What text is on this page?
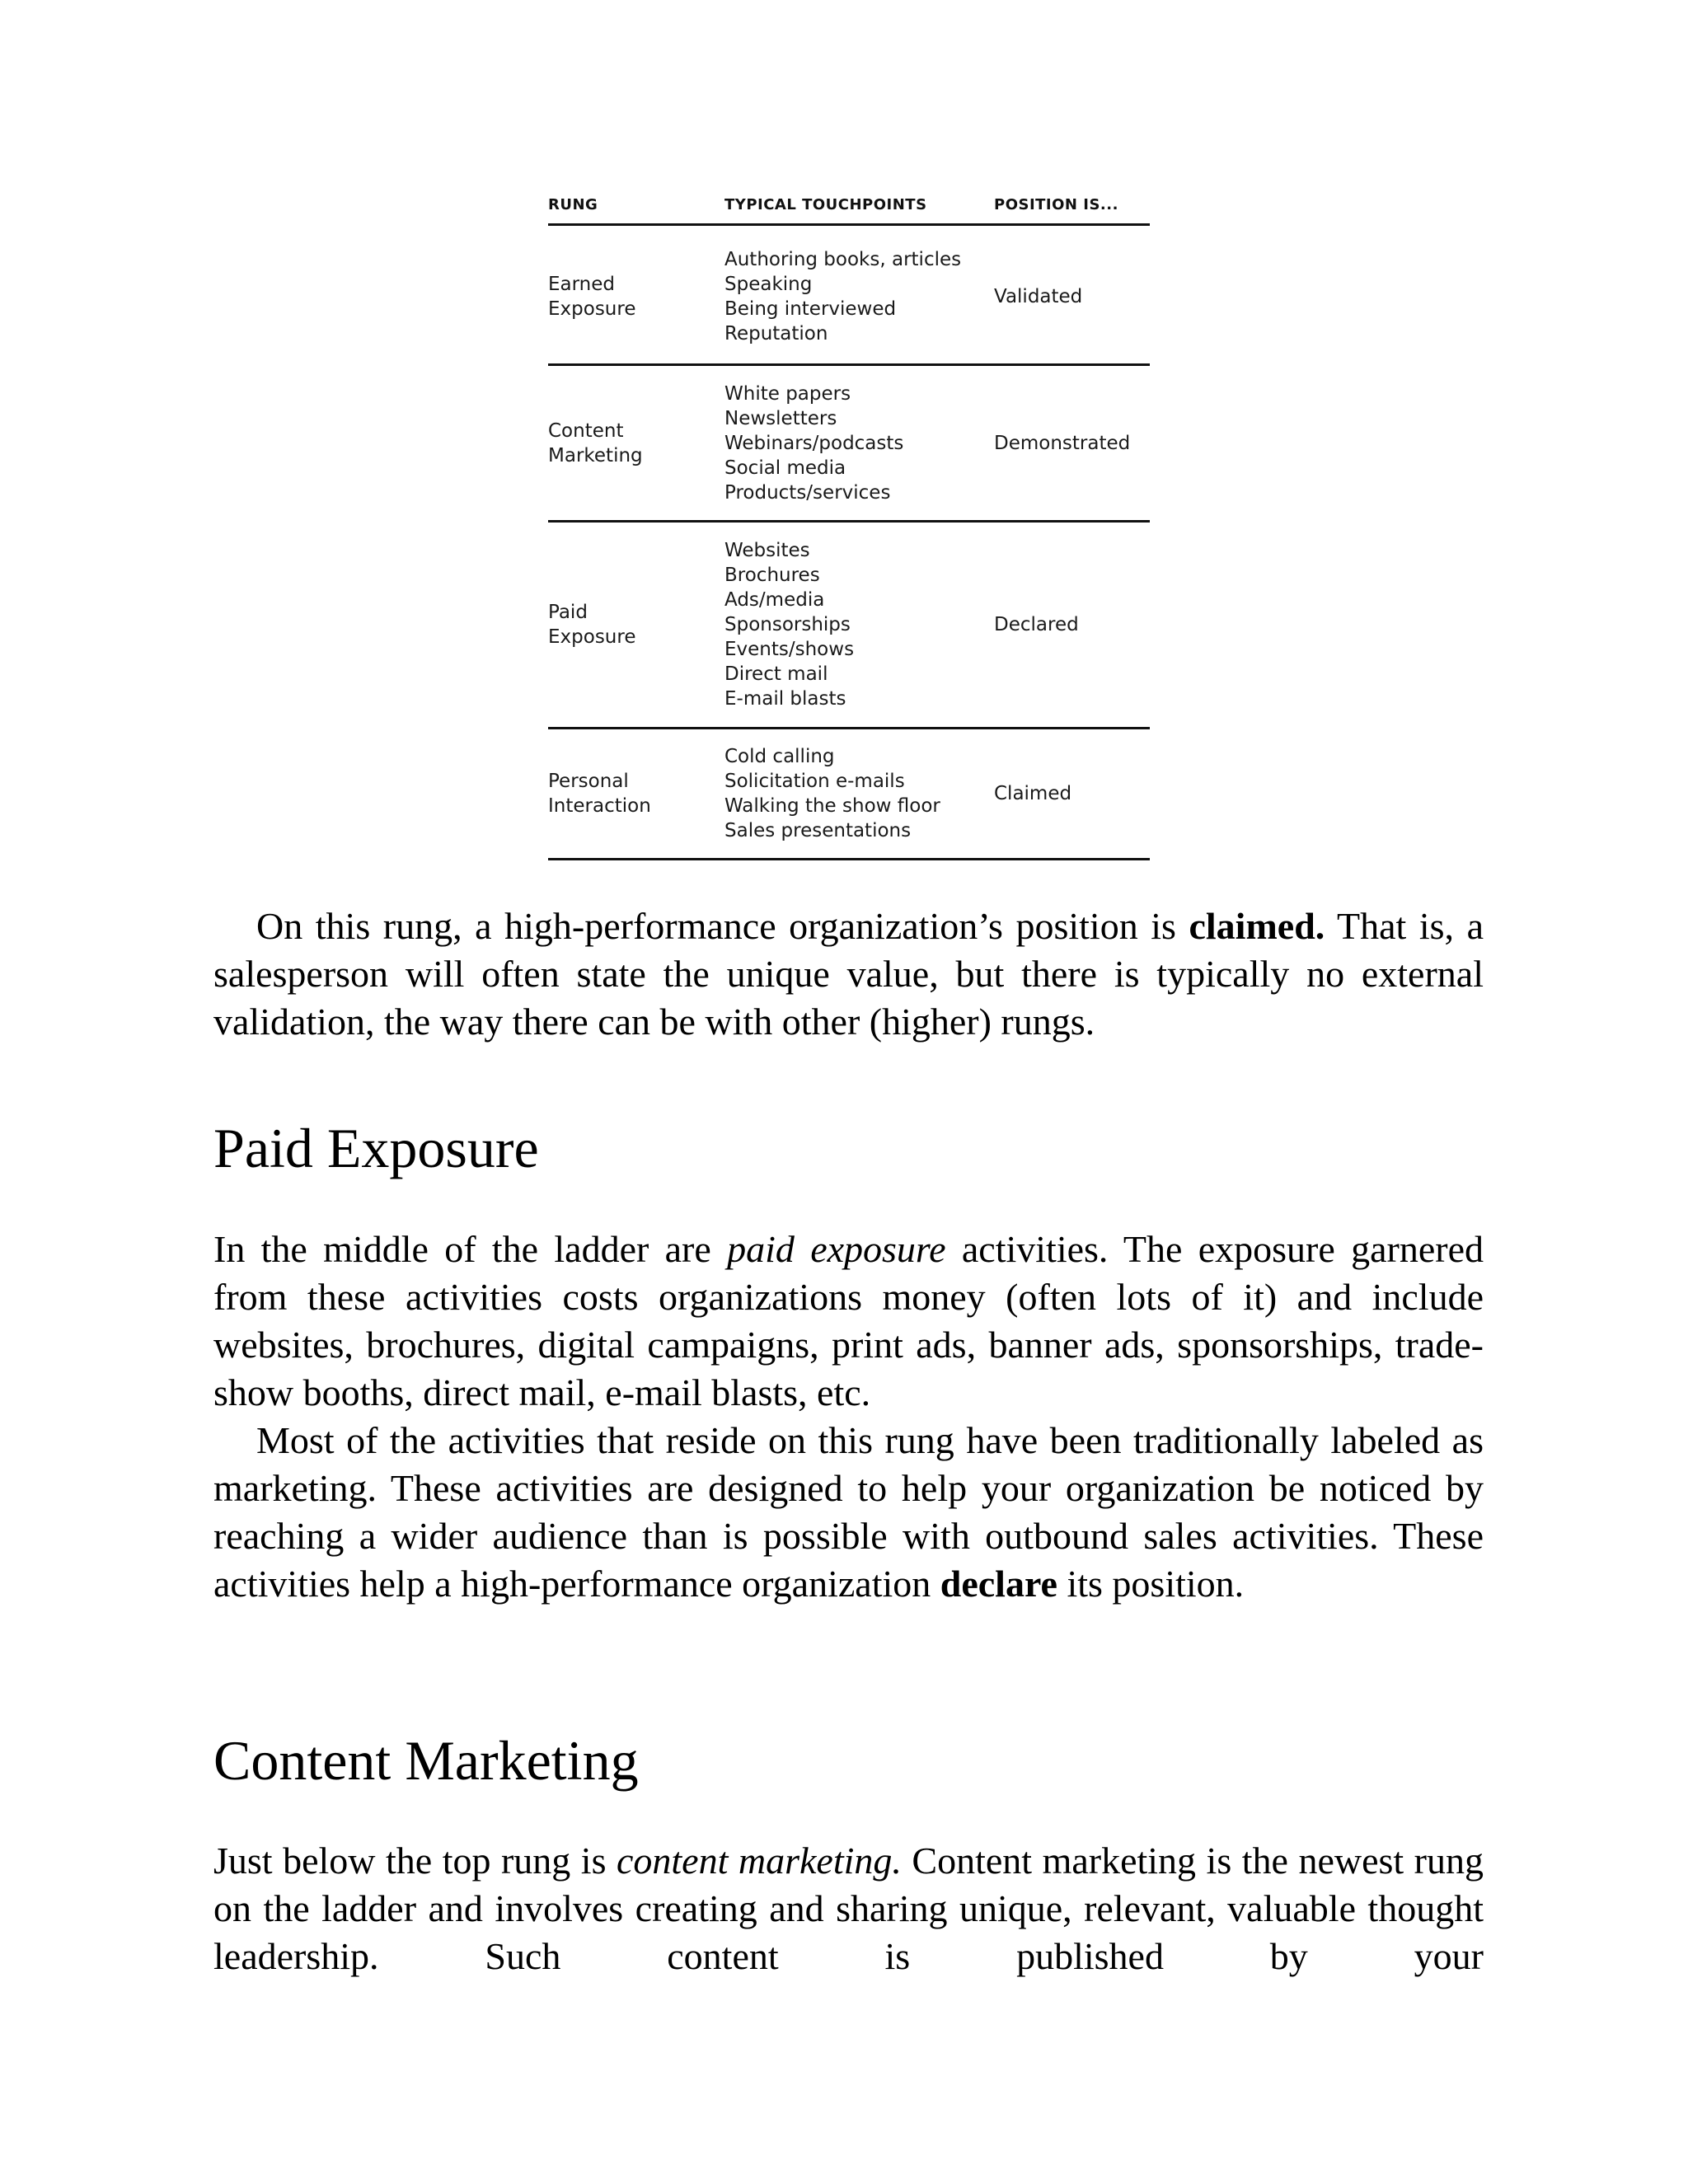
RUNG	TYPICAL TOUCHPOINTS	POSITION IS...
Earned
Exposure
Authoring books, articles
Speaking
Being interviewed
Reputation
Validated
Content
Marketing
White papers
Newsletters
Webinars/podcasts
Social media
Products/services
Demonstrated
Paid
Exposure
Websites
Brochures
Ads/media
Sponsorships
Events/shows
Direct mail
E-mail blasts
Declared
Personal
Interaction
Cold calling
Solicitation e-mails
Walking the show floor
Sales presentations
Claimed

On this rung, a high-performance organization’s position is claimed. That is, a salesperson will often state the unique value, but there is typically no external validation, the way there can be with other (higher) rungs.

Paid Exposure

In the middle of the ladder are paid exposure activities. The exposure garnered from these activities costs organizations money (often lots of it) and include websites, brochures, digital campaigns, print ads, banner ads, sponsorships, trade-show booths, direct mail, e-mail blasts, etc.

Most of the activities that reside on this rung have been traditionally labeled as marketing. These activities are designed to help your organization be noticed by reaching a wider audience than is possible with outbound sales activities. These activities help a high-performance organization declare its position.

Content Marketing

Just below the top rung is content marketing. Content marketing is the newest rung on the ladder and involves creating and sharing unique, relevant, valuable thought leadership. Such content is published by your
